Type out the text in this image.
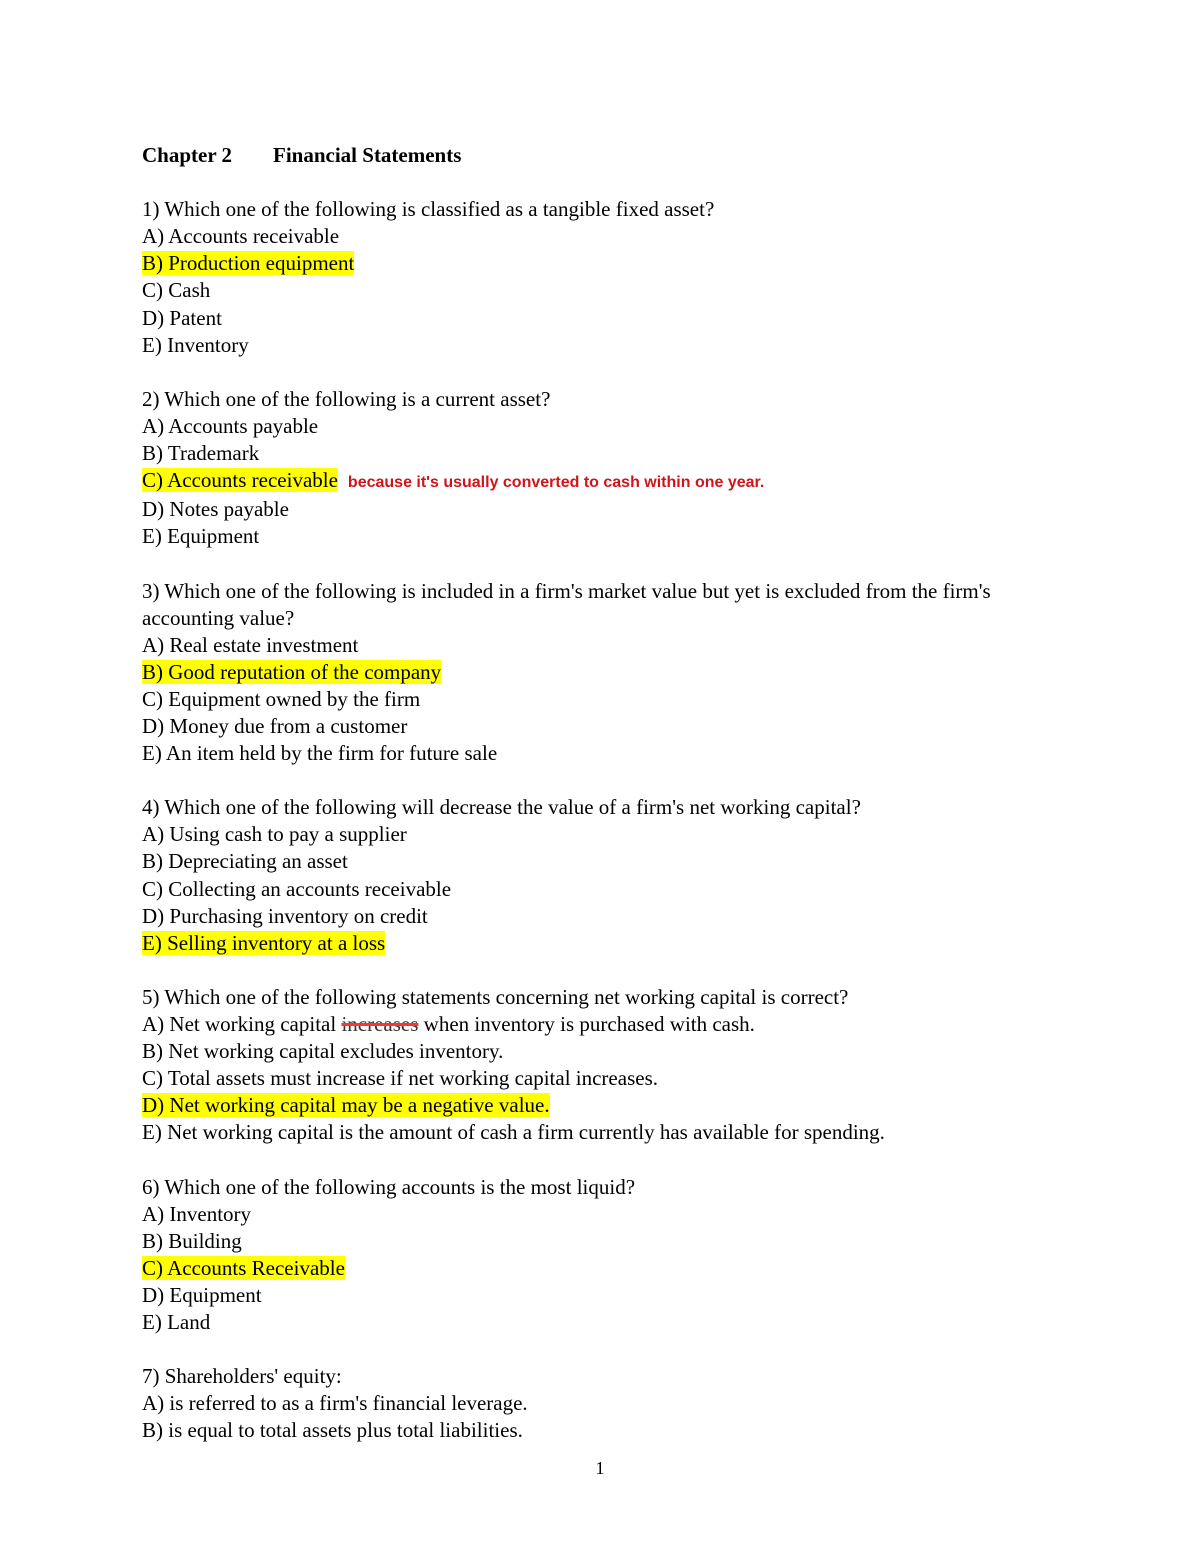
Chapter 2 Financial Statements
1) Which one of the following is classified as a tangible fixed asset?
A) Accounts receivable
B) Production equipment
C) Cash
D) Patent
E) Inventory
2) Which one of the following is a current asset?
A) Accounts payable
B) Trademark
C) Accounts receivable because it's usually converted to cash within one year.
D) Notes payable
E) Equipment
3) Which one of the following is included in a firm's market value but yet is excluded from the firm's accounting value?
A) Real estate investment
B) Good reputation of the company
C) Equipment owned by the firm
D) Money due from a customer
E) An item held by the firm for future sale
4) Which one of the following will decrease the value of a firm's net working capital?
A) Using cash to pay a supplier
B) Depreciating an asset
C) Collecting an accounts receivable
D) Purchasing inventory on credit
E) Selling inventory at a loss
5) Which one of the following statements concerning net working capital is correct?
A) Net working capital increases when inventory is purchased with cash.
B) Net working capital excludes inventory.
C) Total assets must increase if net working capital increases.
D) Net working capital may be a negative value.
E) Net working capital is the amount of cash a firm currently has available for spending.
6) Which one of the following accounts is the most liquid?
A) Inventory
B) Building
C) Accounts Receivable
D) Equipment
E) Land
7) Shareholders' equity:
A) is referred to as a firm's financial leverage.
B) is equal to total assets plus total liabilities.
1
